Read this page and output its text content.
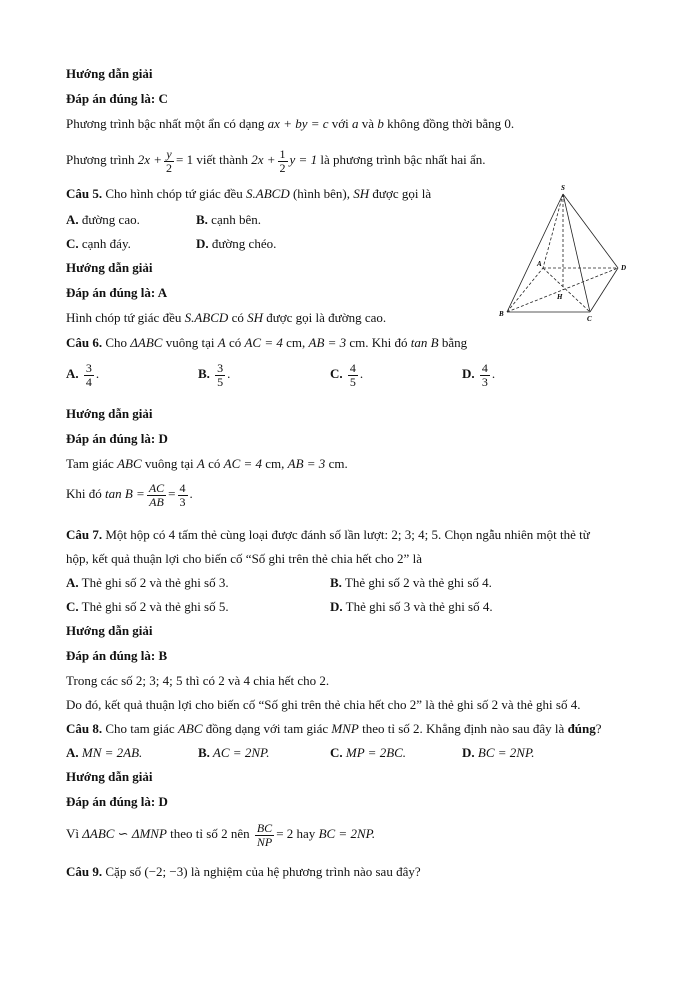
Hướng dẫn giải
Đáp án đúng là: C
Phương trình bậc nhất một ẩn có dạng ax + by = c với a và b không đồng thời bằng 0.
Phương trình $2x + \frac{y}{2} = 1$ viết thành $2x + \frac{1}{2}$ y = 1 là phương trình bậc nhất hai ẩn.
Câu 5. Cho hình chóp tứ giác đều S.ABCD (hình bên), SH được gọi là
A. đường cao.	B. cạnh bên.
C. cạnh đáy.	D. đường chéo.
Hướng dẫn giải
Đáp án đúng là: A
Hình chóp tứ giác đều S.ABCD có SH được gọi là đường cao.
S
A
B
C
D
H
Câu 6. Cho ΔABC vuông tại A có AC = 4 cm, AB = 3 cm. Khi đó tan B bằng
A. $\frac{3}{4}$ .	B. $\frac{3}{5}$ .	C. $\frac{4}{5}$ .	D. $\frac{4}{3}$ .
Hướng dẫn giải
Đáp án đúng là: D
Tam giác ABC vuông tại A có AC = 4 cm, AB = 3 cm.
Khi đó $\tan B = \frac{AC}{AB} = \frac{4}{3}$ .
Câu 7. Một hộp có 4 tấm thẻ cùng loại được đánh số lần lượt: 2; 3; 4; 5. Chọn ngẫu nhiên một thẻ từ
hộp, kết quả thuận lợi cho biến cố “Số ghi trên thẻ chia hết cho 2” là
A. Thẻ ghi số 2 và thẻ ghi số 3.	B. Thẻ ghi số 2 và thẻ ghi số 4.
C. Thẻ ghi số 2 và thẻ ghi số 5.	D. Thẻ ghi số 3 và thẻ ghi số 4.
Hướng dẫn giải
Đáp án đúng là: B
Trong các số 2; 3; 4; 5 thì có 2 và 4 chia hết cho 2.
Do đó, kết quả thuận lợi cho biến cố “Số ghi trên thẻ chia hết cho 2” là thẻ ghi số 2 và thẻ ghi số 4.
Câu 8. Cho tam giác ABC đồng dạng với tam giác MNP theo tỉ số 2. Khẳng định nào sau đây là đúng?
A. MN = 2AB.	B. AC = 2NP.	C. MP = 2BC.	D. BC = 2NP.
Hướng dẫn giải
Đáp án đúng là: D
Vì ΔABC ∽ ΔMNP theo tỉ số 2 nên $\frac{BC}{NP} = 2$ hay BC = 2NP.
Câu 9. Cặp số (−2; −3) là nghiệm của hệ phương trình nào sau đây?
